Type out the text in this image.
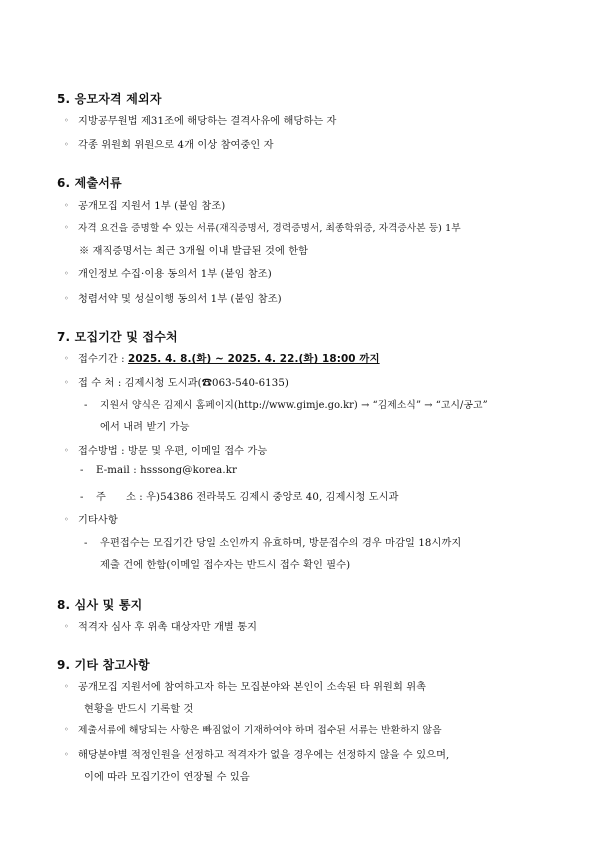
5. 응모자격 제외자
◦ 지방공무원법 제31조에 해당하는 결격사유에 해당하는 자
◦ 각종 위원회 위원으로 4개 이상 참여중인 자
6. 제출서류
◦ 공개모집 지원서 1부 (붙임 참조)
◦ 자격 요건을 증명할 수 있는 서류(재직증명서, 경력증명서, 최종학위증, 자격증사본 등) 1부
※ 재직증명서는 최근 3개월 이내 발급된 것에 한함
◦ 개인정보 수집·이용 동의서 1부 (붙임 참조)
◦ 청렴서약 및 성실이행 동의서 1부 (붙임 참조)
7. 모집기간 및 접수처
◦ 접수기간 : 2025. 4. 8.(화) ~ 2025. 4. 22.(화) 18:00 까지
◦ 접 수 처 : 김제시청 도시과(☎063-540-6135)
- 지원서 양식은 김제시 홈페이지(http://www.gimje.go.kr) → “김제소식” → “고시/공고”
에서 내려 받기 가능
◦ 접수방법 : 방문 및 우편, 이메일 접수 가능
- E-mail : hsssong@korea.kr
- 주      소 : 우)54386 전라북도 김제시 중앙로 40, 김제시청 도시과
◦ 기타사항
- 우편접수는 모집기간 당일 소인까지 유효하며, 방문접수의 경우 마감일 18시까지
제출 건에 한함(이메일 접수자는 반드시 접수 확인 필수)
8. 심사 및 통지
◦ 적격자 심사 후 위촉 대상자만 개별 통지
9. 기타 참고사항
◦ 공개모집 지원서에 참여하고자 하는 모집분야와 본인이 소속된 타 위원회 위촉
현황을 반드시 기록할 것
◦ 제출서류에 해당되는 사항은 빠짐없이 기재하여야 하며 접수된 서류는 반환하지 않음
◦ 해당분야별 적정인원을 선정하고 적격자가 없을 경우에는 선정하지 않을 수 있으며,
이에 따라 모집기간이 연장될 수 있음
